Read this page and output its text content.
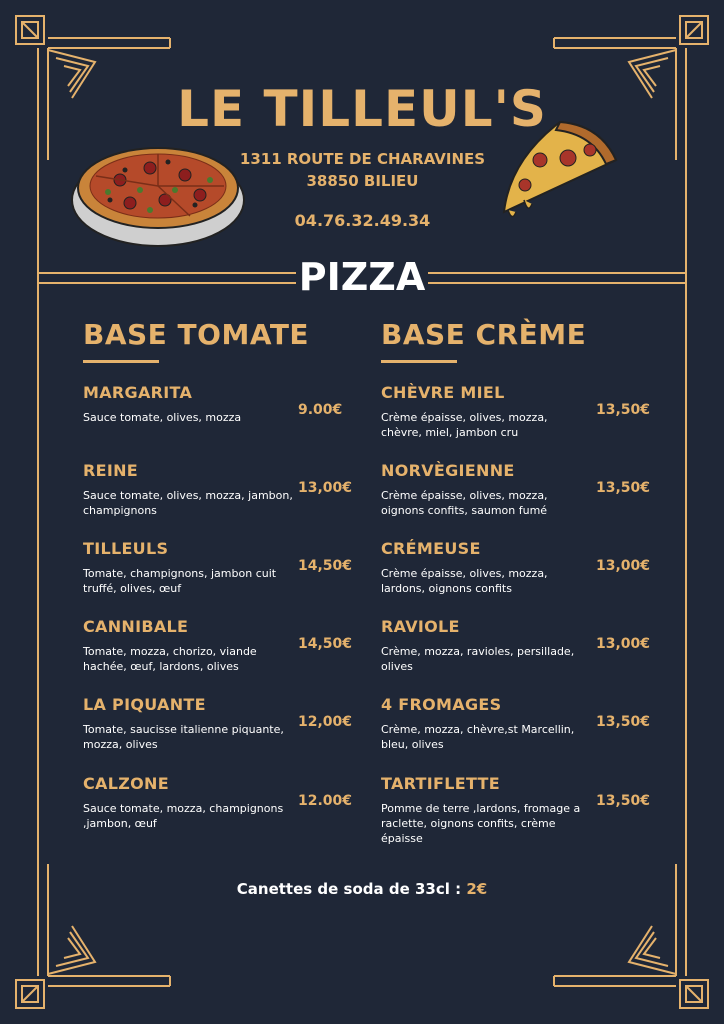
LE TILLEUL'S
1311 ROUTE DE CHARAVINES
38850 BILIEU
04.76.32.49.34
PIZZA
BASE TOMATE
MARGARITA
Sauce tomate, olives, mozza	9.00€
REINE
Sauce tomate, olives, mozza, jambon, champignons
13,00€
TILLEULS
Tomate, champignons, jambon cuit truffé, olives, œuf
14,50€
CANNIBALE
Tomate, mozza, chorizo, viande hachée, œuf, lardons, olives
14,50€
LA PIQUANTE
Tomate, saucisse italienne piquante, mozza, olives
12,00€
CALZONE
Sauce tomate, mozza, champignons ,jambon, œuf
12.00€
BASE CRÈME
CHÈVRE MIEL
Crème épaisse, olives, mozza, chèvre, miel, jambon cru
13,50€
NORVÈGIENNE
Crème épaisse, olives, mozza, oignons confits, saumon fumé
13,50€
CRÉMEUSE
Crème épaisse, olives, mozza, lardons, oignons confits
13,00€
RAVIOLE
Crème, mozza, ravioles, persillade, olives
13,00€
4 FROMAGES
Crème, mozza, chèvre,st Marcellin, bleu, olives
13,50€
TARTIFLETTE
Pomme de terre ,lardons, fromage a raclette, oignons confits, crème épaisse
13,50€
Canettes de soda de 33cl : 2€
